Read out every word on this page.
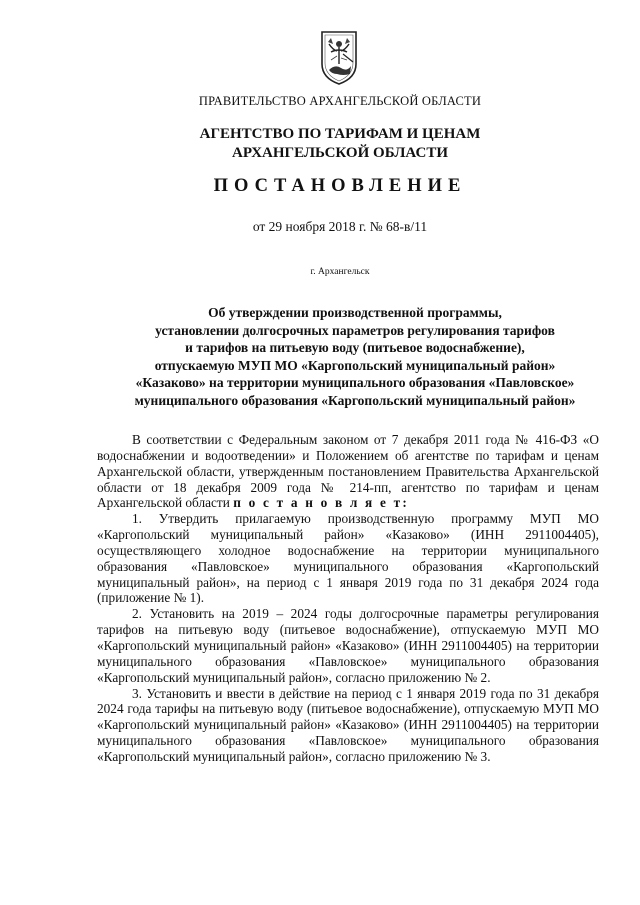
ПРАВИТЕЛЬСТВО АРХАНГЕЛЬСКОЙ ОБЛАСТИ
АГЕНТСТВО ПО ТАРИФАМ И ЦЕНАМ
АРХАНГЕЛЬСКОЙ ОБЛАСТИ
ПОСТАНОВЛЕНИЕ
от 29 ноября 2018 г. № 68-в/11
г. Архангельск
Об утверждении производственной программы,
установлении долгосрочных параметров регулирования тарифов
и тарифов на питьевую воду (питьевое водоснабжение),
отпускаемую МУП МО «Каргопольский муниципальный район»
«Казаково» на территории муниципального образования «Павловское»
муниципального образования «Каргопольский муниципальный район»

В соответствии с Федеральным законом от 7 декабря 2011 года № 416-ФЗ «О водоснабжении и водоотведении» и Положением об агентстве по тарифам и ценам Архангельской области, утвержденным постановлением Правительства Архангельской области от 18 декабря 2009 года № 214-пп, агентство по тарифам и ценам Архангельской области п о с т а н о в л я е т:

1. Утвердить прилагаемую производственную программу МУП МО «Каргопольский муниципальный район» «Казаково» (ИНН 2911004405), осуществляющего холодное водоснабжение на территории муниципального образования «Павловское» муниципального образования «Каргопольский муниципальный район», на период с 1 января 2019 года по 31 декабря 2024 года (приложение № 1).

2. Установить на 2019 – 2024 годы долгосрочные параметры регулирования тарифов на питьевую воду (питьевое водоснабжение), отпускаемую МУП МО «Каргопольский муниципальный район» «Казаково» (ИНН 2911004405) на территории муниципального образования «Павловское» муниципального образования «Каргопольский муниципальный район», согласно приложению № 2.

3. Установить и ввести в действие на период с 1 января 2019 года по 31 декабря 2024 года тарифы на питьевую воду (питьевое водоснабжение), отпускаемую МУП МО «Каргопольский муниципальный район» «Казаково» (ИНН 2911004405) на территории муниципального образования «Павловское» муниципального образования «Каргопольский муниципальный район», согласно приложению № 3.
